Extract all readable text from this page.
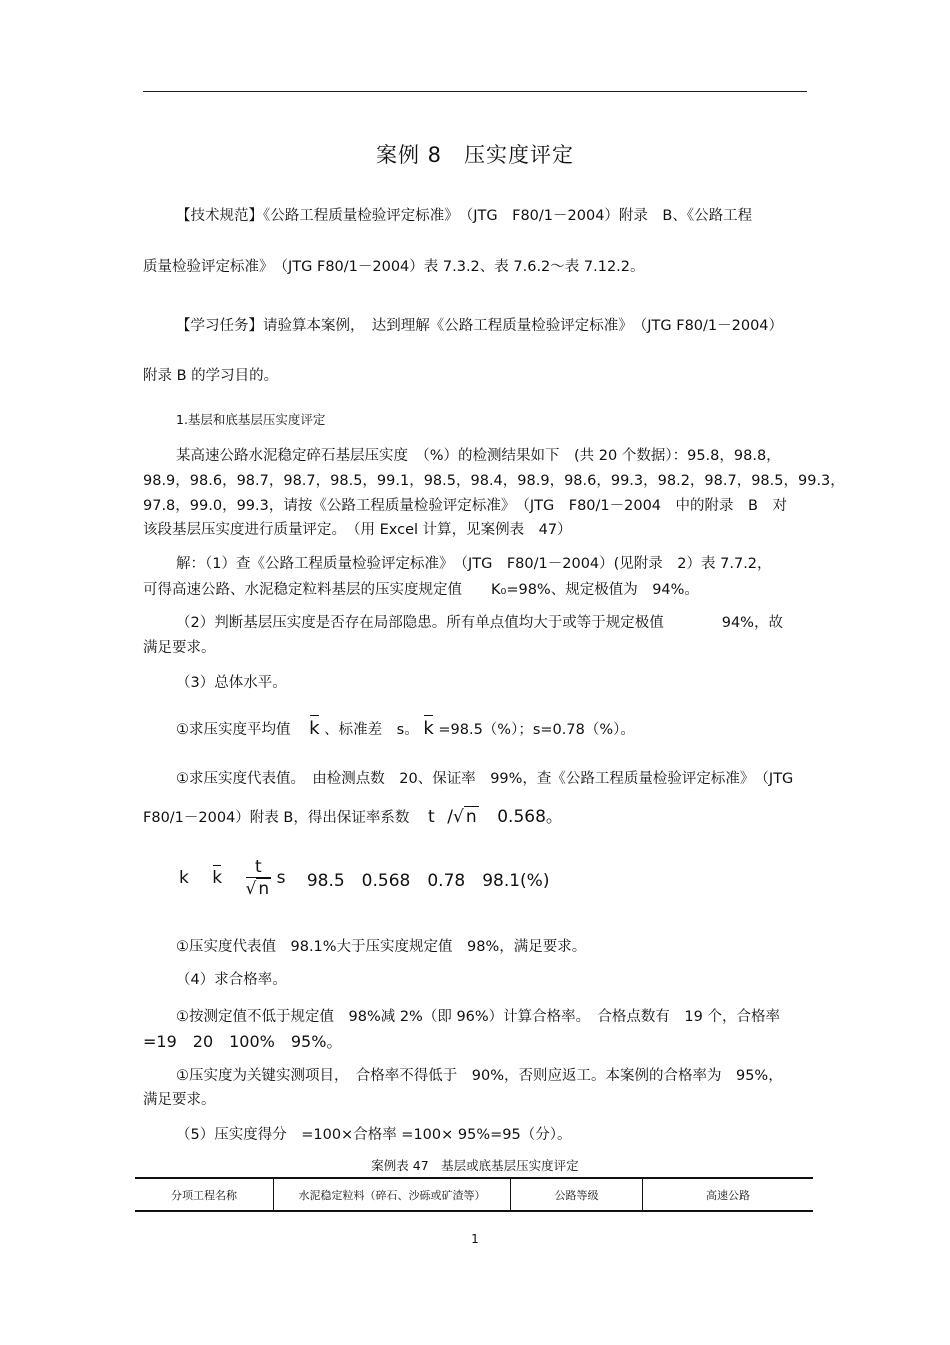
案例 8　压实度评定
【技术规范】《公路工程质量检验评定标准》　（JTG　F80/1－2004）附录　B、《公路工程
质量检验评定标准》　（JTG F80/1－2004）表 7.3.2、表 7.6.2～表 7.12.2。
【学习任务】请验算本案例，　达到理解《公路工程质量检验评定标准》　（JTG F80/1－2004）
附录 B 的学习目的。
1.基层和底基层压实度评定
某高速公路水泥稳定碎石基层压实度　（%）的检测结果如下　(共 20 个数据）：95.8，98.8，
98.9，98.6，98.7，98.7，98.5，99.1，98.5，98.4，98.9，98.6，99.3，98.2，98.7，98.5，99.3，
97.8，99.0，99.3，请按《公路工程质量检验评定标准》　（JTG　F80/1－2004　中的附录　B　对
该段基层压实度进行质量评定。　（用 Excel 计算，见案例表　47）
解：（1）查《公路工程质量检验评定标准》　（JTG　F80/1－2004）(见附录　2）表 7.7.2，
可得高速公路、水泥稳定粒料基层的压实度规定值　　K₀=98%、规定极值为　94%。
（2）判断基层压实度是否存在局部隐患。所有单点值均大于或等于规定极值　　　　94%，故
满足要求。
（3）总体水平。
①求压实度平均值 k 、标准差　s。 k =98.5（%）；s=0.78（%）。
①求压实度代表值。　由检测点数　20、保证率　99%，查《公路工程质量检验评定标准》　（JTG
F80/1－2004）附表 B，得出保证率系数 t /√ n 0.568。
k k $\frac{t}{√ n}$ s 98.5　0.568　0.78　98.1(%)
①压实度代表值　98.1%大于压实度规定值　98%，满足要求。
（4）求合格率。
①按测定值不低于规定值　98%减 2%（即 96%）计算合格率。　合格点数有　19 个，合格率
=19　20　100%　95%。
①压实度为关键实测项目，　合格率不得低于　90%，否则应返工。本案例的合格率为　95%，
满足要求。
（5）压实度得分　=100×合格率 =100× 95%=95（分）。
案例表 47　基层或底基层压实度评定
分项工程名称	水泥稳定粒料（碎石、沙砾或矿渣等）	公路等级	高速公路
1
